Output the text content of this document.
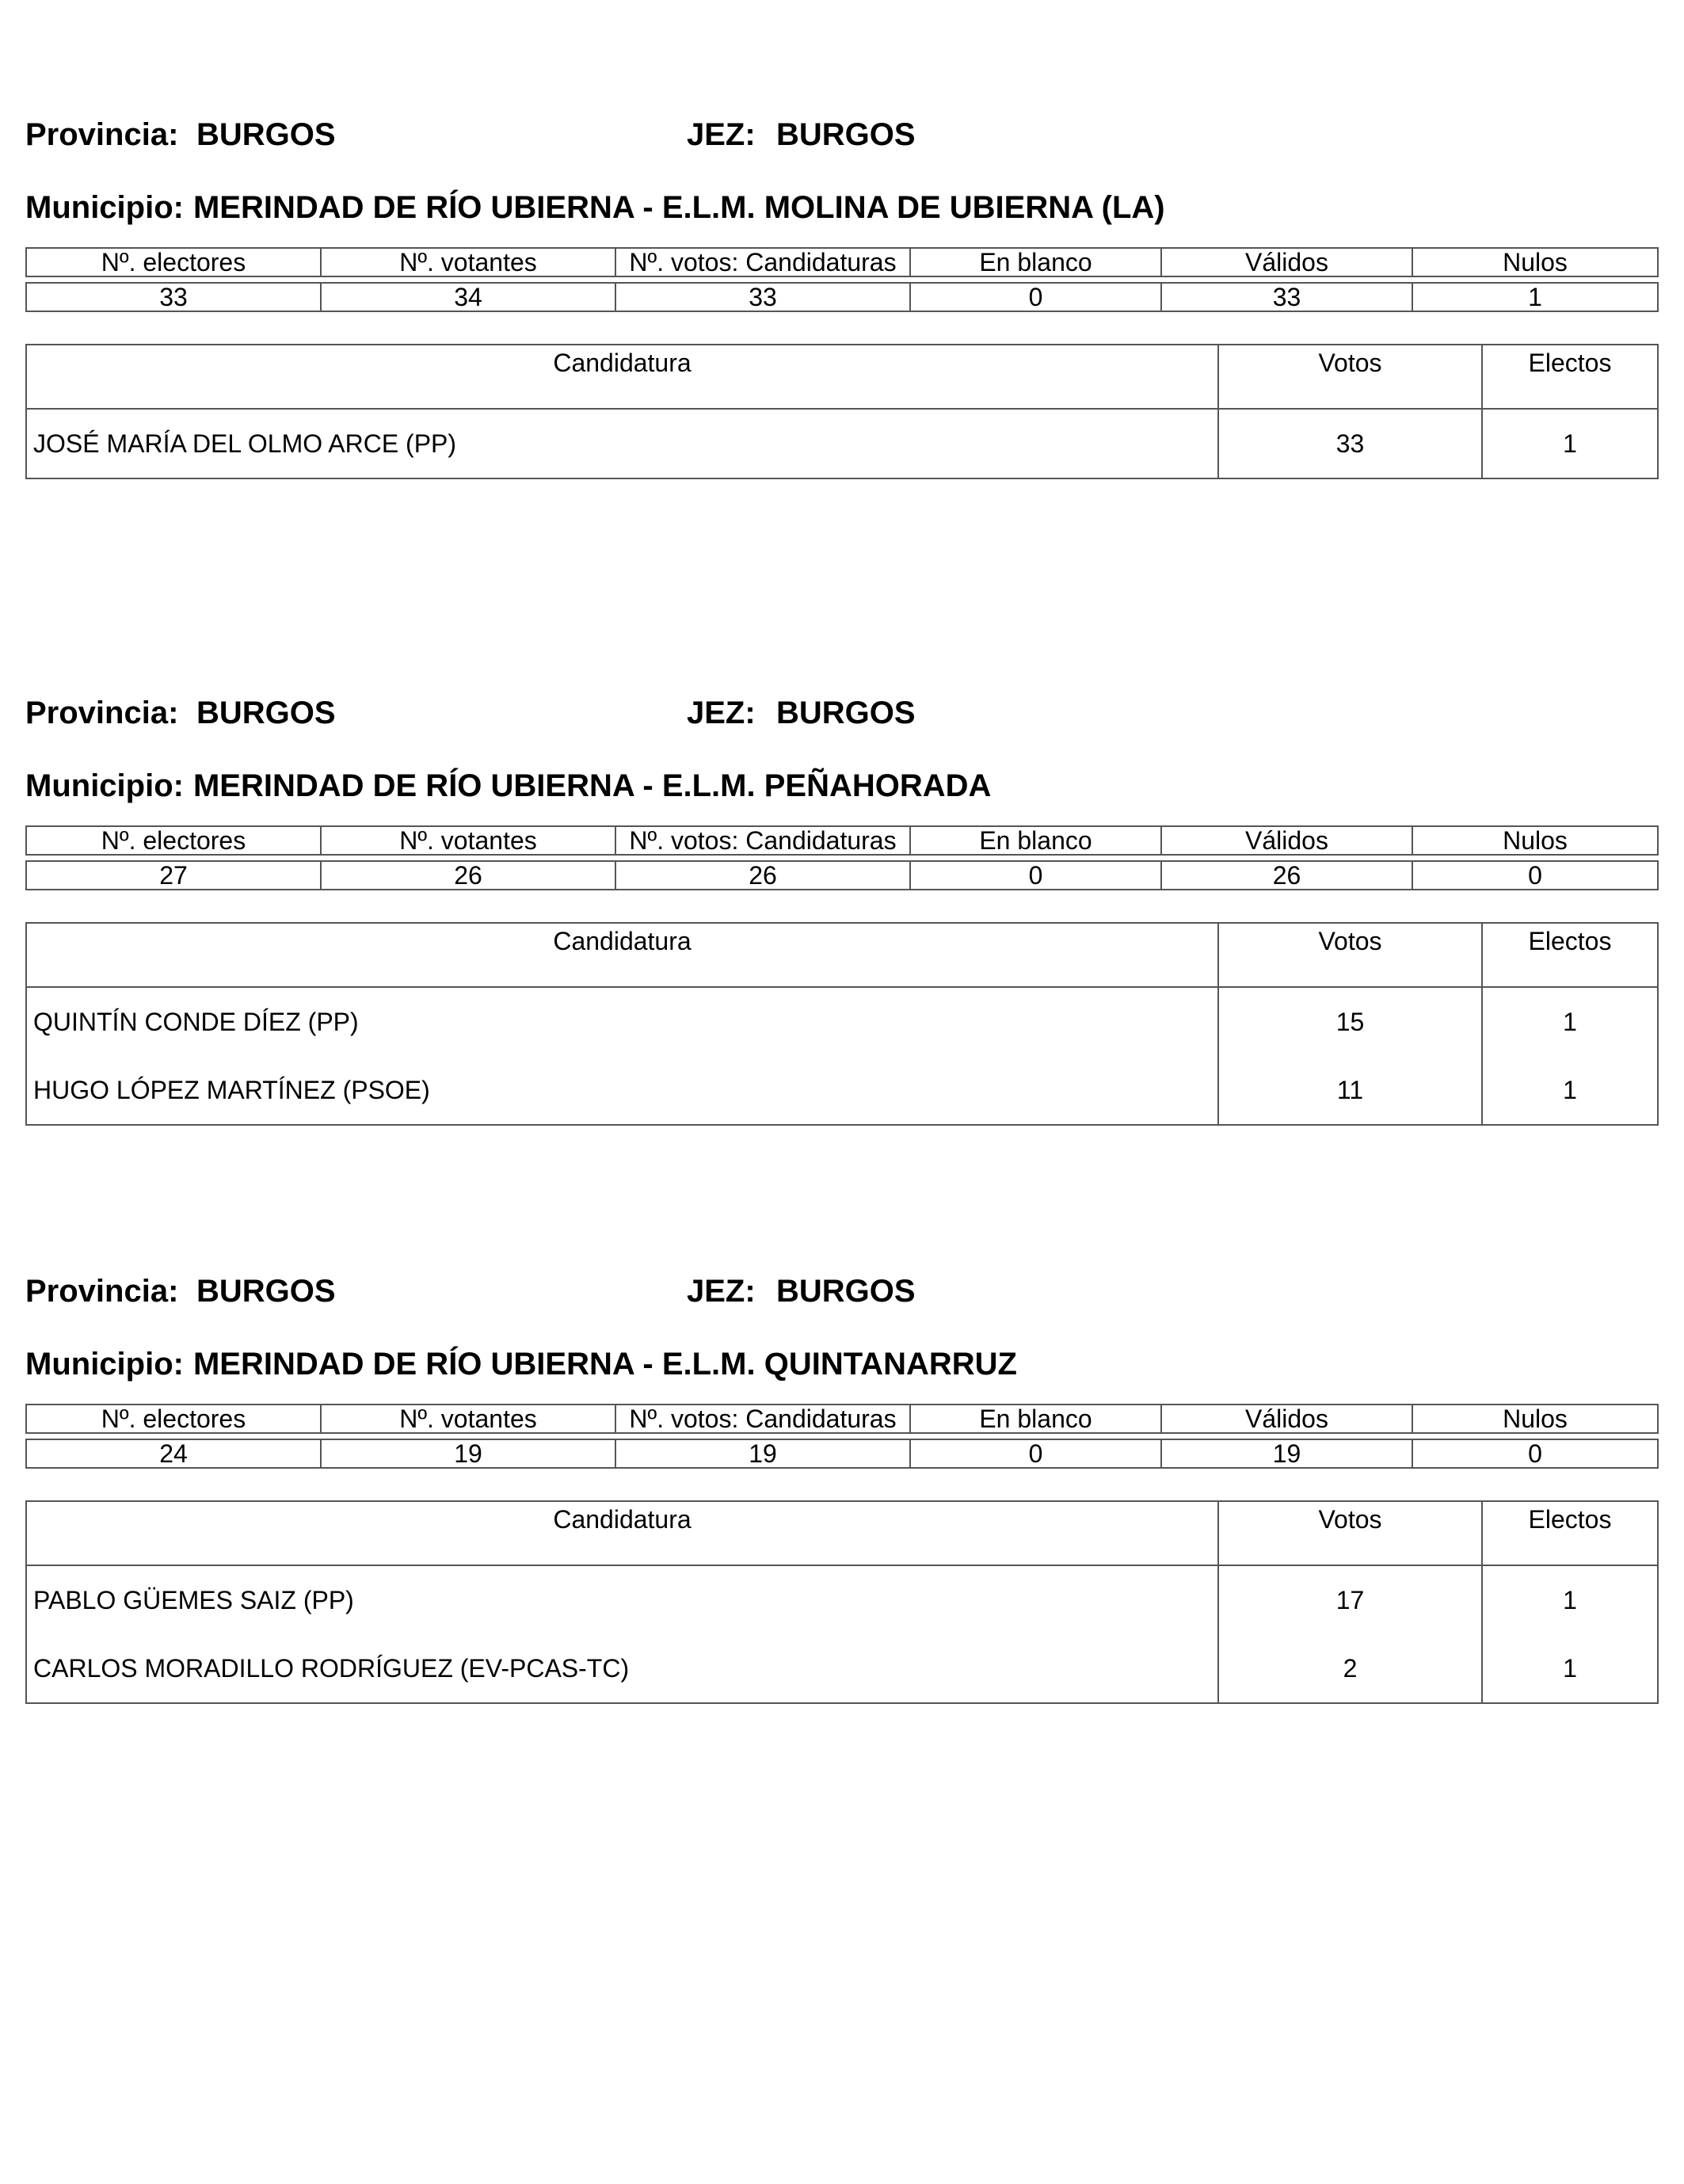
Provincia: BURGOS	JEZ: BURGOS
Municipio: MERINDAD DE RÍO UBIERNA - E.L.M. MOLINA DE UBIERNA (LA)
Nº. electores	Nº. votantes	Nº. votos: Candidaturas	En blanco	Válidos	Nulos
33	34	33	0	33	1
Candidatura	Votos	Electos
JOSÉ MARÍA DEL OLMO ARCE (PP)	33	1
Provincia: BURGOS	JEZ: BURGOS
Municipio: MERINDAD DE RÍO UBIERNA - E.L.M. PEÑAHORADA
Nº. electores	Nº. votantes	Nº. votos: Candidaturas	En blanco	Válidos	Nulos
27	26	26	0	26	0
Candidatura	Votos	Electos
QUINTÍN CONDE DÍEZ (PP)	15	1
HUGO LÓPEZ MARTÍNEZ (PSOE)	11	1
Provincia: BURGOS	JEZ: BURGOS
Municipio: MERINDAD DE RÍO UBIERNA - E.L.M. QUINTANARRUZ
Nº. electores	Nº. votantes	Nº. votos: Candidaturas	En blanco	Válidos	Nulos
24	19	19	0	19	0
Candidatura	Votos	Electos
PABLO GÜEMES SAIZ (PP)	17	1
CARLOS MORADILLO RODRÍGUEZ (EV-PCAS-TC)	2	1
